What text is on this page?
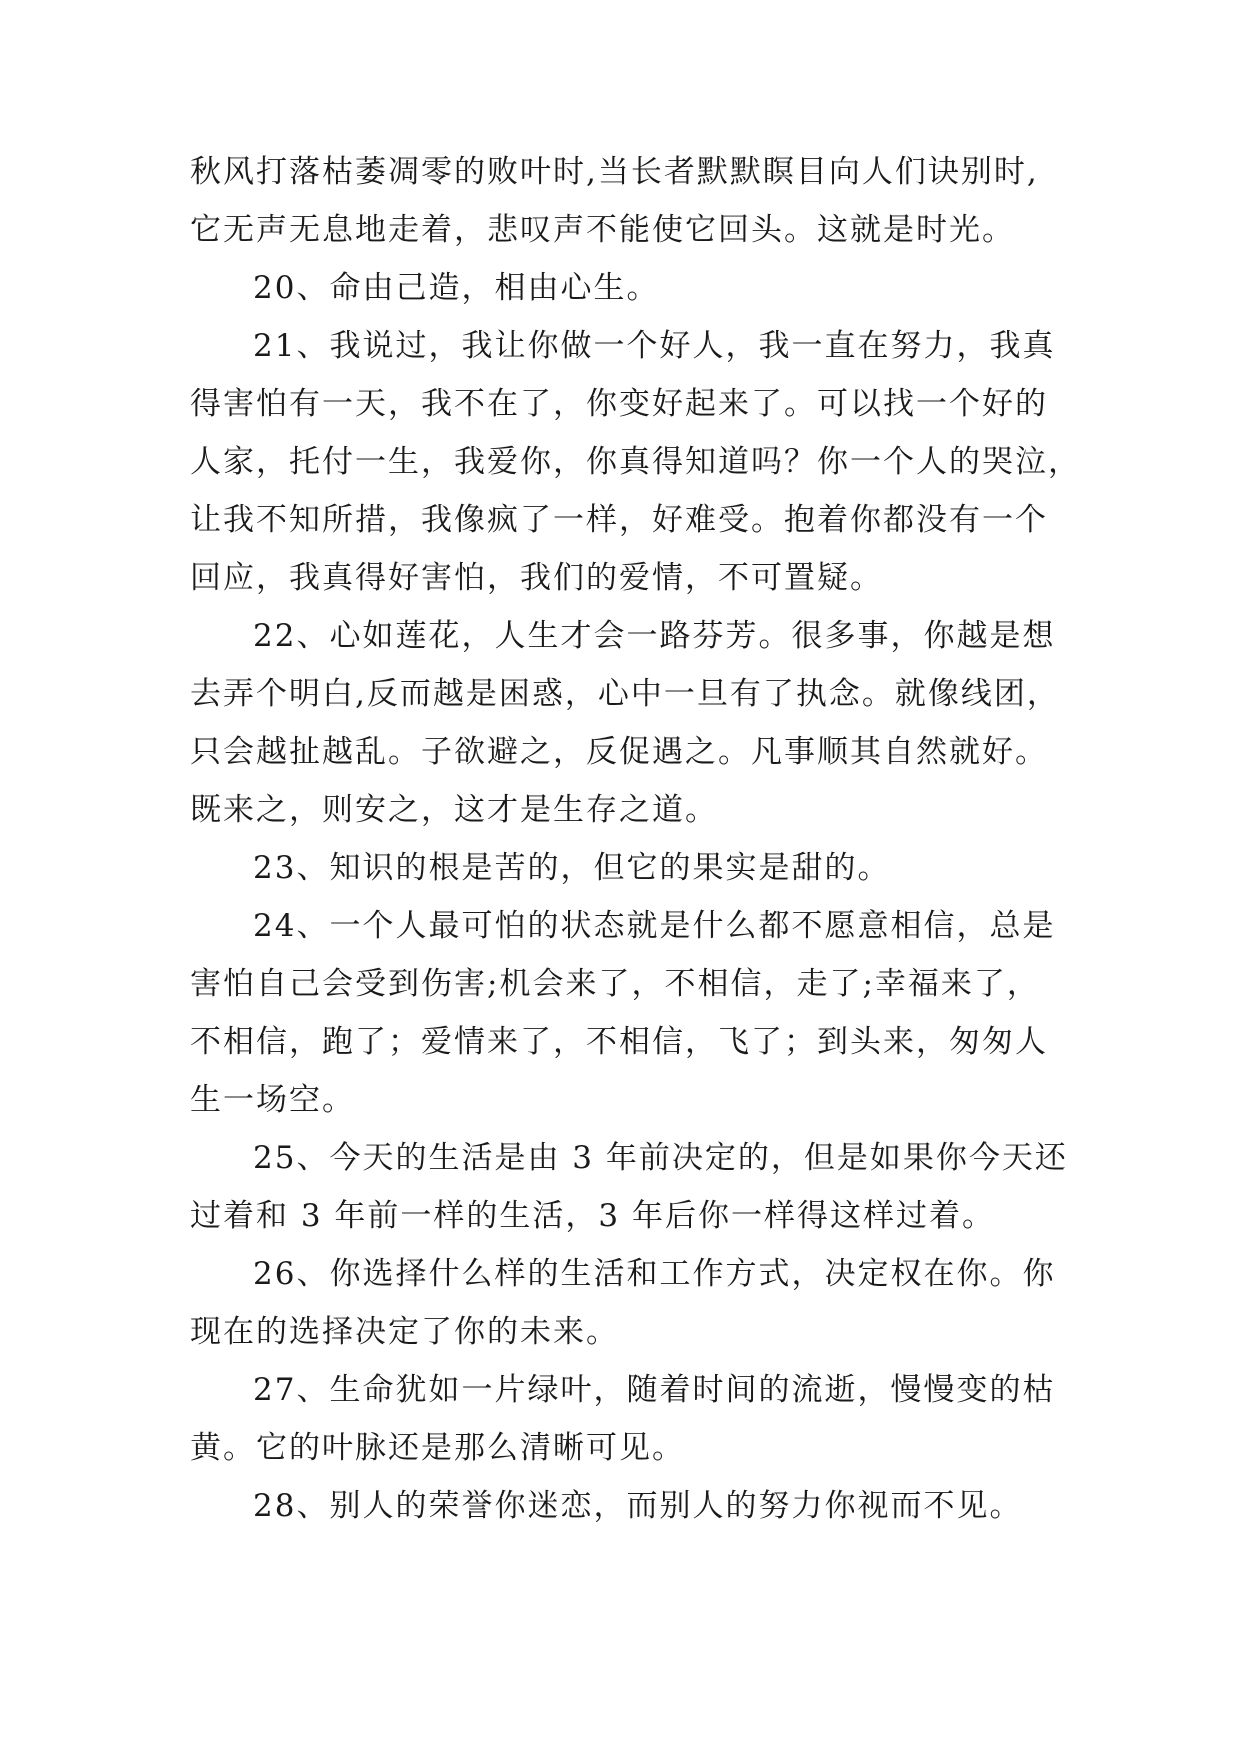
秋风打落枯萎凋零的败叶时,当长者默默瞑目向人们诀别时,
它无声无息地走着，悲叹声不能使它回头。这就是时光。
20、命由己造，相由心生。
21、我说过，我让你做一个好人，我一直在努力，我真
得害怕有一天，我不在了，你变好起来了。可以找一个好的
人家，托付一生，我爱你，你真得知道吗？你一个人的哭泣，
让我不知所措，我像疯了一样，好难受。抱着你都没有一个
回应，我真得好害怕，我们的爱情，不可置疑。
22、心如莲花，人生才会一路芬芳。很多事，你越是想
去弄个明白,反而越是困惑，心中一旦有了执念。就像线团，
只会越扯越乱。子欲避之，反促遇之。凡事顺其自然就好。
既来之，则安之，这才是生存之道。
23、知识的根是苦的，但它的果实是甜的。
24、一个人最可怕的状态就是什么都不愿意相信，总是
害怕自己会受到伤害;机会来了，不相信，走了;幸福来了，
不相信，跑了；爱情来了，不相信，飞了；到头来，匆匆人
生一场空。
25、今天的生活是由 3 年前决定的，但是如果你今天还
过着和 3 年前一样的生活，3 年后你一样得这样过着。
26、你选择什么样的生活和工作方式，决定权在你。你
现在的选择决定了你的未来。
27、生命犹如一片绿叶，随着时间的流逝，慢慢变的枯
黄。它的叶脉还是那么清晰可见。
28、别人的荣誉你迷恋，而别人的努力你视而不见。
